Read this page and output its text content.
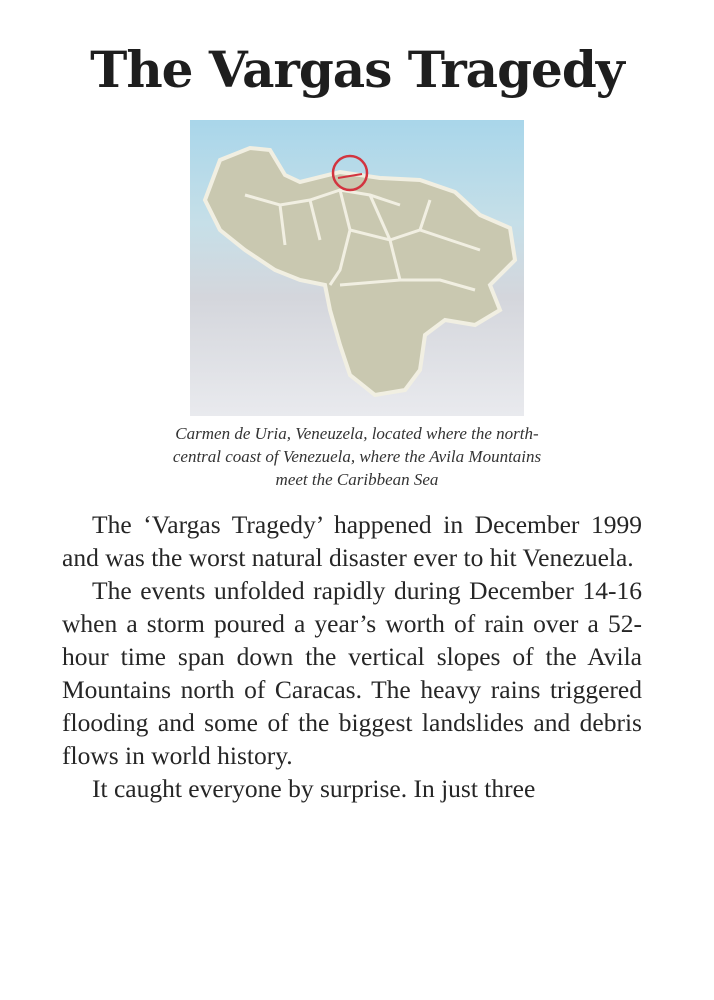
The Vargas Tragedy
Carmen de Uria, Veneuzela, located where the north-central coast of Venezuela, where the Avila Mountains meet the Caribbean Sea

The ‘Vargas Tragedy’ happened in December 1999 and was the worst natural disaster ever to hit Venezuela.

The events unfolded rapidly during December 14-16 when a storm poured a year’s worth of rain over a 52-hour time span down the vertical slopes of the Avila Mountains north of Caracas. The heavy rains triggered flooding and some of the biggest landslides and debris flows in world history.

It caught everyone by surprise. In just three
